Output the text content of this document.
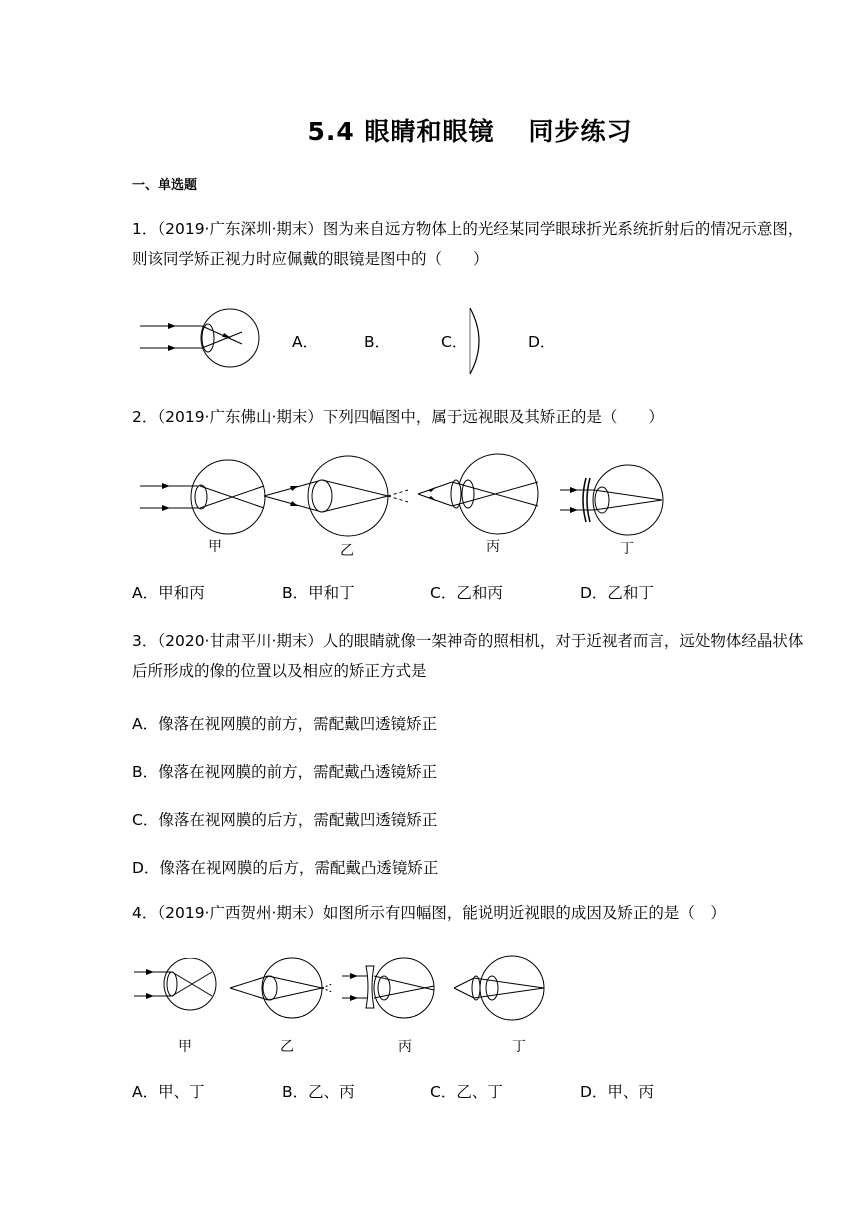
5.4 眼睛和眼镜 同步练习
一、单选题
1．（2019·广东深圳·期末）图为来自远方物体上的光经某同学眼球折光系统折射后的情况示意图，则该同学矫正视力时应佩戴的眼镜是图中的（　　）
A．	B．	C．	D．
2．（2019·广东佛山·期末）下列四幅图中，属于远视眼及其矫正的是（　　）
甲	乙	丙	丁
A．甲和丙	B．甲和丁	C．乙和丙	D．乙和丁
3．（2020·甘肃平川·期末）人的眼睛就像一架神奇的照相机，对于近视者而言，远处物体经晶状体后所形成的像的位置以及相应的矫正方式是
A．像落在视网膜的前方，需配戴凹透镜矫正
B．像落在视网膜的前方，需配戴凸透镜矫正
C．像落在视网膜的后方，需配戴凹透镜矫正
D．像落在视网膜的后方，需配戴凸透镜矫正
4．（2019·广西贺州·期末）如图所示有四幅图，能说明近视眼的成因及矫正的是（　）
甲	乙	丙	丁
A．甲、丁	B．乙、丙	C．乙、丁	D．甲、丙
